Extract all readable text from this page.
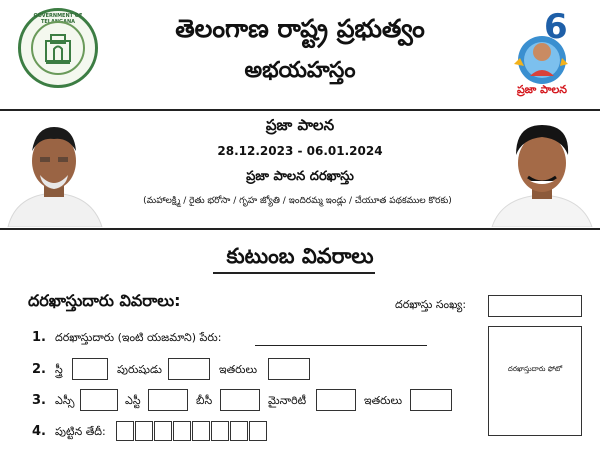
GOVERNMENT OF TELANGANA	తెలంగాణ రాష్ట్ర ప్రభుత్వం
అభయహస్తం
6
ప్రజా పాలన
ప్రజా పాలన
28.12.2023 - 06.01.2024
ప్రజా పాలన దరఖాస్తు
(మహాలక్ష్మి / రైతు భరోసా / గృహ జ్యోతి / ఇందిరమ్మ ఇండ్లు / చేయూత పథకముల కొరకు)
కుటుంబ వివరాలు
దరఖాస్తుదారు వివరాలు:	దరఖాస్తు సంఖ్య:
దరఖాస్తుదారు ఫోటో
1. దరఖాస్తుదారు (ఇంటి యజమాని) పేరు:
2. స్త్రీ	పురుషుడు	ఇతరులు
3. ఎస్సీ	ఎస్టీ	బీసీ	మైనారిటీ	ఇతరులు
4. పుట్టిన తేదీ:
